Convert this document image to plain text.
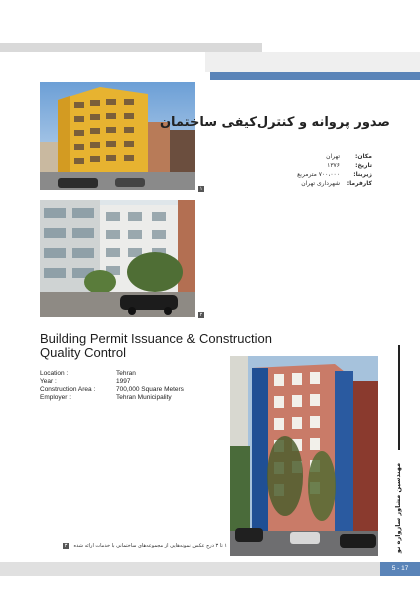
۱
۲
صدور پروانه و کنترل‌کیفی ساختمان
مکان:تهران
تاریخ:۱۳۷۶
زیربنا:۷۰۰،۰۰۰ مترمربع
کارفرما:شهرداری تهران
Building Permit Issuance & Construction Quality Control
Location :	Tehran
Year :	1997
Construction Area :	700,000 Square Meters
Employer :	Tehran Municipality
۱ تا ۳ درج عکس نمونه‌هایی از مجموعه‌های ساختمانی با خدمات ارائه شده ۳	مهندسين مشاور سازواره نو
5 - 17
